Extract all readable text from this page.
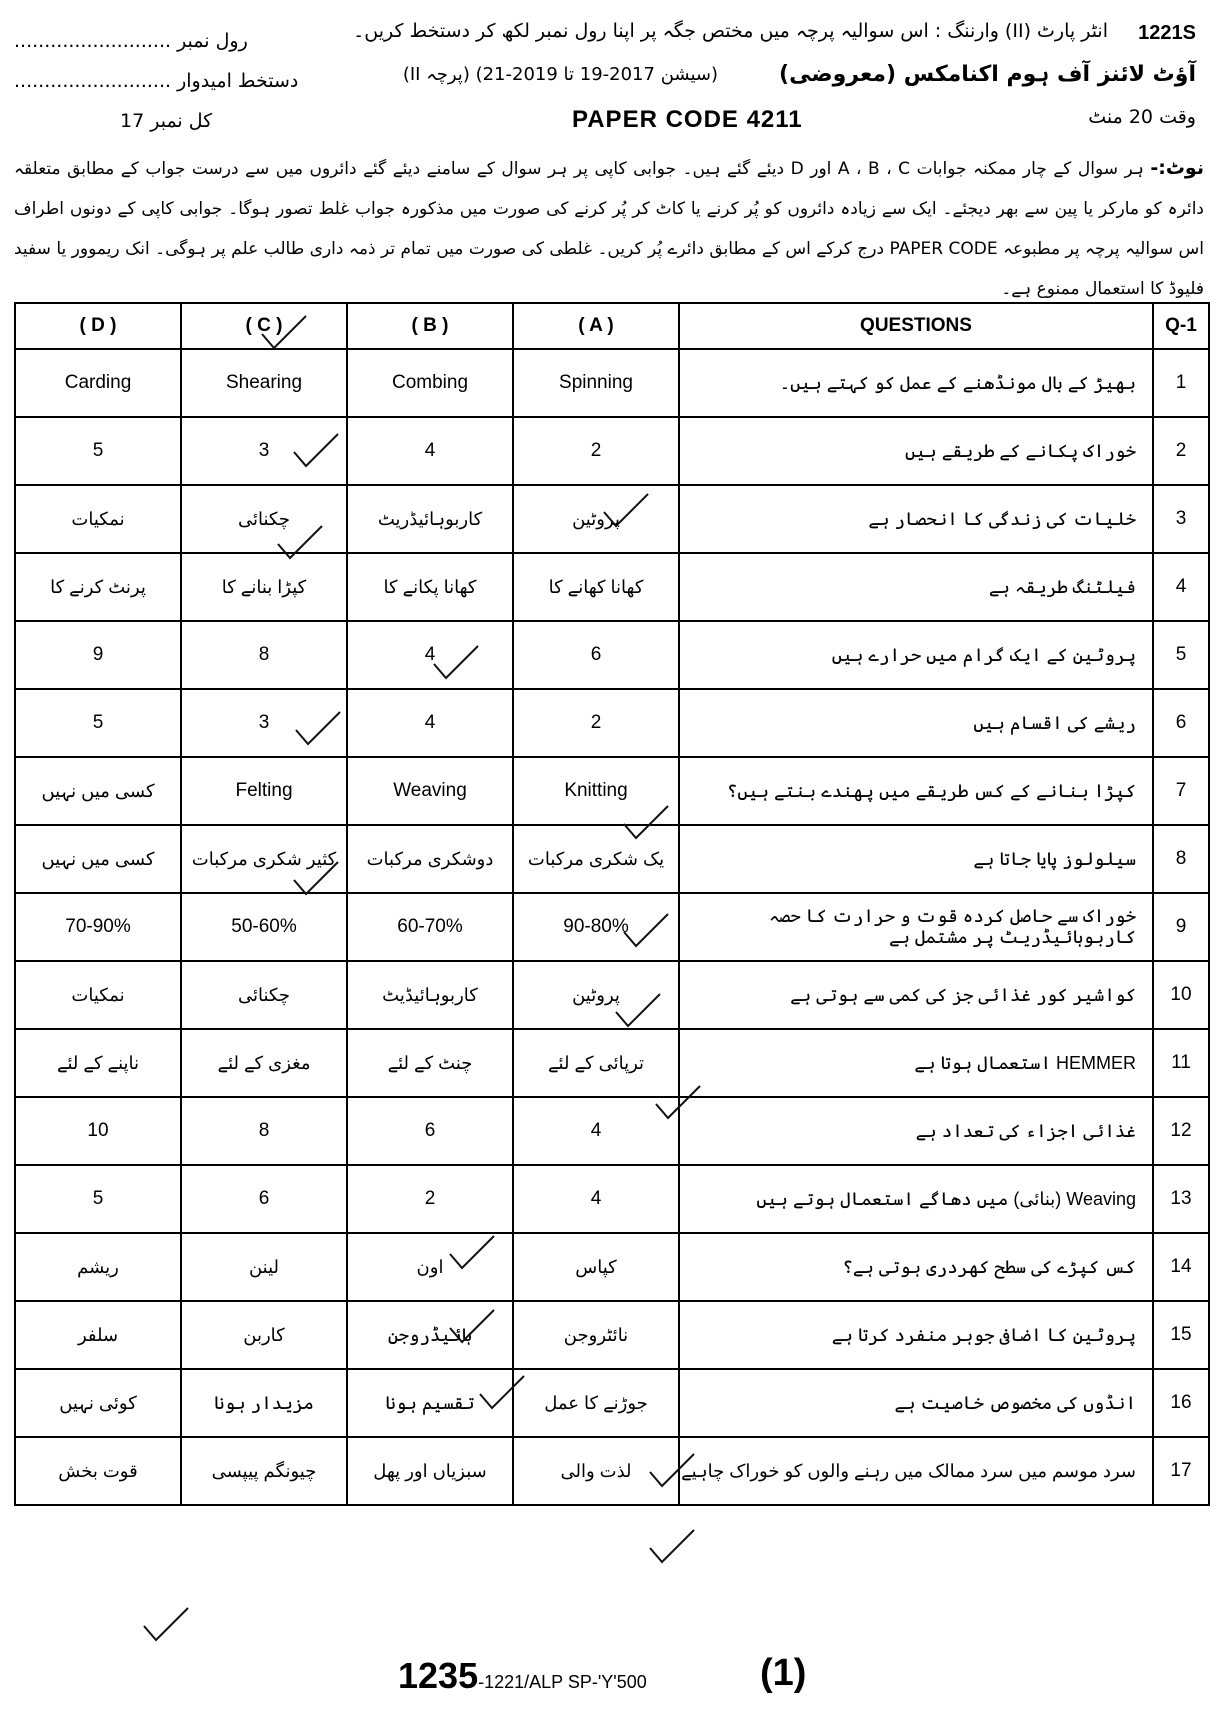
1221S
انٹر پارٹ (II) وارننگ : اس سوالیہ پرچہ میں مختص جگہ پر اپنا رول نمبر لکھ کر دستخط کریں۔
.......................... رول نمبر
.......................... دستخط امیدوار	آؤٹ لائنز آف ہوم اکنامکس (معروضی)
(سیشن 2017-19 تا 2019-21) (پرچہ II)
PAPER CODE 4211	وقت 20 منٹ
کل نمبر 17
نوٹ:- ہر سوال کے چار ممکنہ جوابات A ، B ، C اور D دیئے گئے ہیں۔ جوابی کاپی پر ہر سوال کے سامنے دیئے گئے دائروں میں سے درست جواب کے مطابق متعلقہ دائرہ کو مارکر یا پین سے بھر دیجئے۔ ایک سے زیادہ دائروں کو پُر کرنے یا کاٹ کر پُر کرنے کی صورت میں مذکورہ جواب غلط تصور ہوگا۔ جوابی کاپی کے دونوں اطراف اس سوالیہ پرچہ پر مطبوعہ PAPER CODE درج کرکے اس کے مطابق دائرے پُر کریں۔ غلطی کی صورت میں تمام تر ذمہ داری طالب علم پر ہوگی۔ انک ریموور یا سفید فلیوڈ کا استعمال ممنوع ہے۔
( D )	( C )	( B )	( A )	QUESTIONS	Q-1
Carding	Shearing	Combing	Spinning	بھیڑ کے بال مونڈھنے کے عمل کو کہتے ہیں۔	1
5	3	4	2	خوراک پکانے کے طریقے ہیں	2
نمکیات	چکنائی	کاربوہائیڈریٹ	پروٹین	خلیات کی زندگی کا انحصار ہے	3
پرنٹ کرنے کا	کپڑا بنانے کا	کھانا پکانے کا	کھانا کھانے کا	فیلٹنگ طریقہ ہے	4
9	8	4	6	پروٹین کے ایک گرام میں حرارے ہیں	5
5	3	4	2	ریشے کی اقسام ہیں	6
کسی میں نہیں	Felting	Weaving	Knitting	کپڑا بنانے کے کس طریقے میں پھندے بنتے ہیں؟	7
کسی میں نہیں	کثیر شکری مرکبات	دوشکری مرکبات	یک شکری مرکبات	سیلولوز پایا جاتا ہے	8
70-90%	50-60%	60-70%	90-80%	خوراک سے حاصل کردہ قوت و حرارت کا حصہ کاربوہائیڈریٹ پر مشتمل ہے	9
نمکیات	چکنائی	کاربوہائیڈیٹ	پروٹین	کواشیر کور غذائی جز کی کمی سے ہوتی ہے	10
ناپنے کے لئے	مغزی کے لئے	چنٹ کے لئے	ترپائی کے لئے	HEMMER استعمال ہوتا ہے	11
10	8	6	4	غذائی اجزاء کی تعداد ہے	12
5	6	2	4	Weaving (بنائی) میں دھاگے استعمال ہوتے ہیں	13
ریشم	لینن	اون	کپاس	کس کپڑے کی سطح کھردری ہوتی ہے؟	14
سلفر	کاربن	ہائیڈروجن	نائٹروجن	پروٹین کا اضافی جوہر منفرد کرتا ہے	15
کوئی نہیں	مزیدار ہونا	تقسیم ہونا	جوڑنے کا عمل	انڈوں کی مخصوص خاصیت ہے	16
قوت بخش	چیونگم پیپسی	سبزیاں اور پھل	لذت والی	سرد موسم میں سرد ممالک میں رہنے والوں کو خوراک چاہیے	17
1235-1221/ALP SP-'Y'500	(1)
